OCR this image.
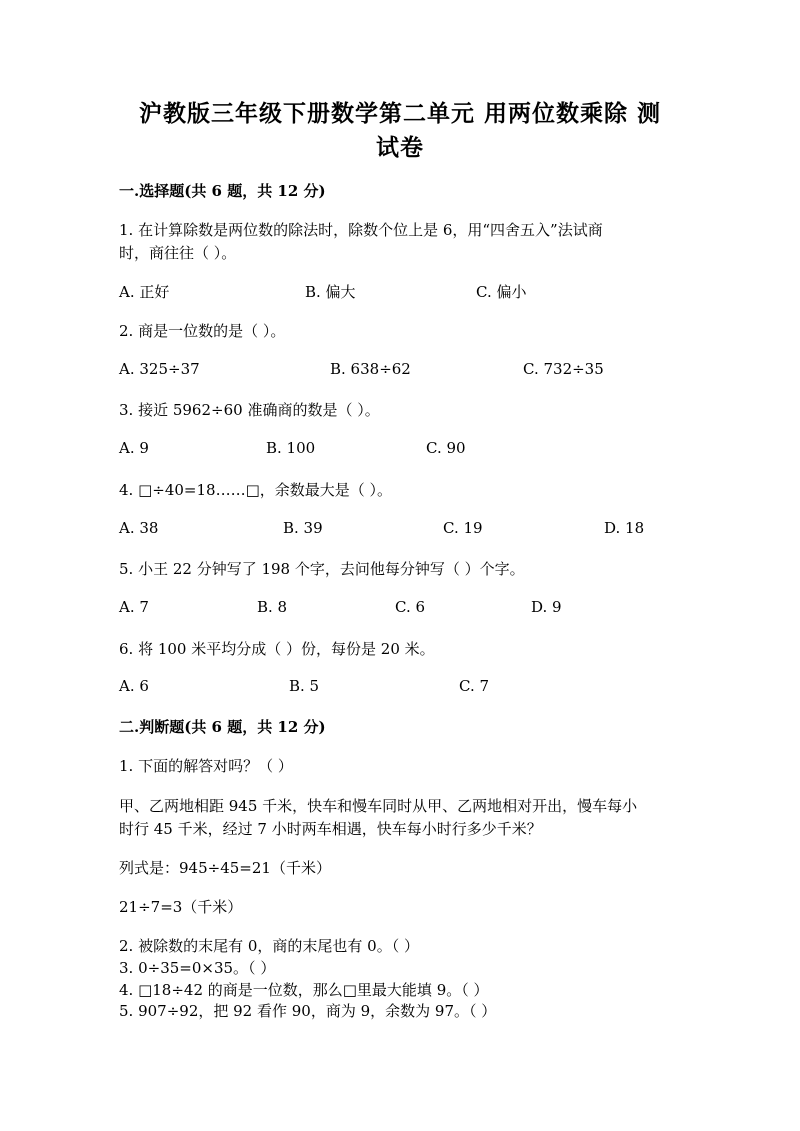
沪教版三年级下册数学第二单元 用两位数乘除 测
试卷
一.选择题(共 6 题，共 12 分)
1. 在计算除数是两位数的除法时，除数个位上是 6，用“四舍五入”法试商
时，商往往（ ）。
A. 正好	B. 偏大	C. 偏小
2. 商是一位数的是（ ）。
A. 325÷37	B. 638÷62	C. 732÷35
3. 接近 5962÷60 准确商的数是（ ）。
A. 9	B. 100	C. 90
4. □÷40=18……□，余数最大是（ ）。
A. 38	B. 39	C. 19	D. 18
5. 小王 22 分钟写了 198 个字，去问他每分钟写（ ）个字。
A. 7	B. 8	C. 6	D. 9
6. 将 100 米平均分成（ ）份，每份是 20 米。
A. 6	B. 5	C. 7
二.判断题(共 6 题，共 12 分)
1. 下面的解答对吗？（ ）
甲、乙两地相距 945 千米，快车和慢车同时从甲、乙两地相对开出，慢车每小
时行 45 千米，经过 7 小时两车相遇，快车每小时行多少千米？
列式是：945÷45=21（千米）
21÷7=3（千米）
2. 被除数的末尾有 0，商的末尾也有 0。（ ）
3. 0÷35=0×35。（ ）
4. □18÷42 的商是一位数，那么□里最大能填 9。（ ）
5. 907÷92，把 92 看作 90，商为 9，余数为 97。（ ）
